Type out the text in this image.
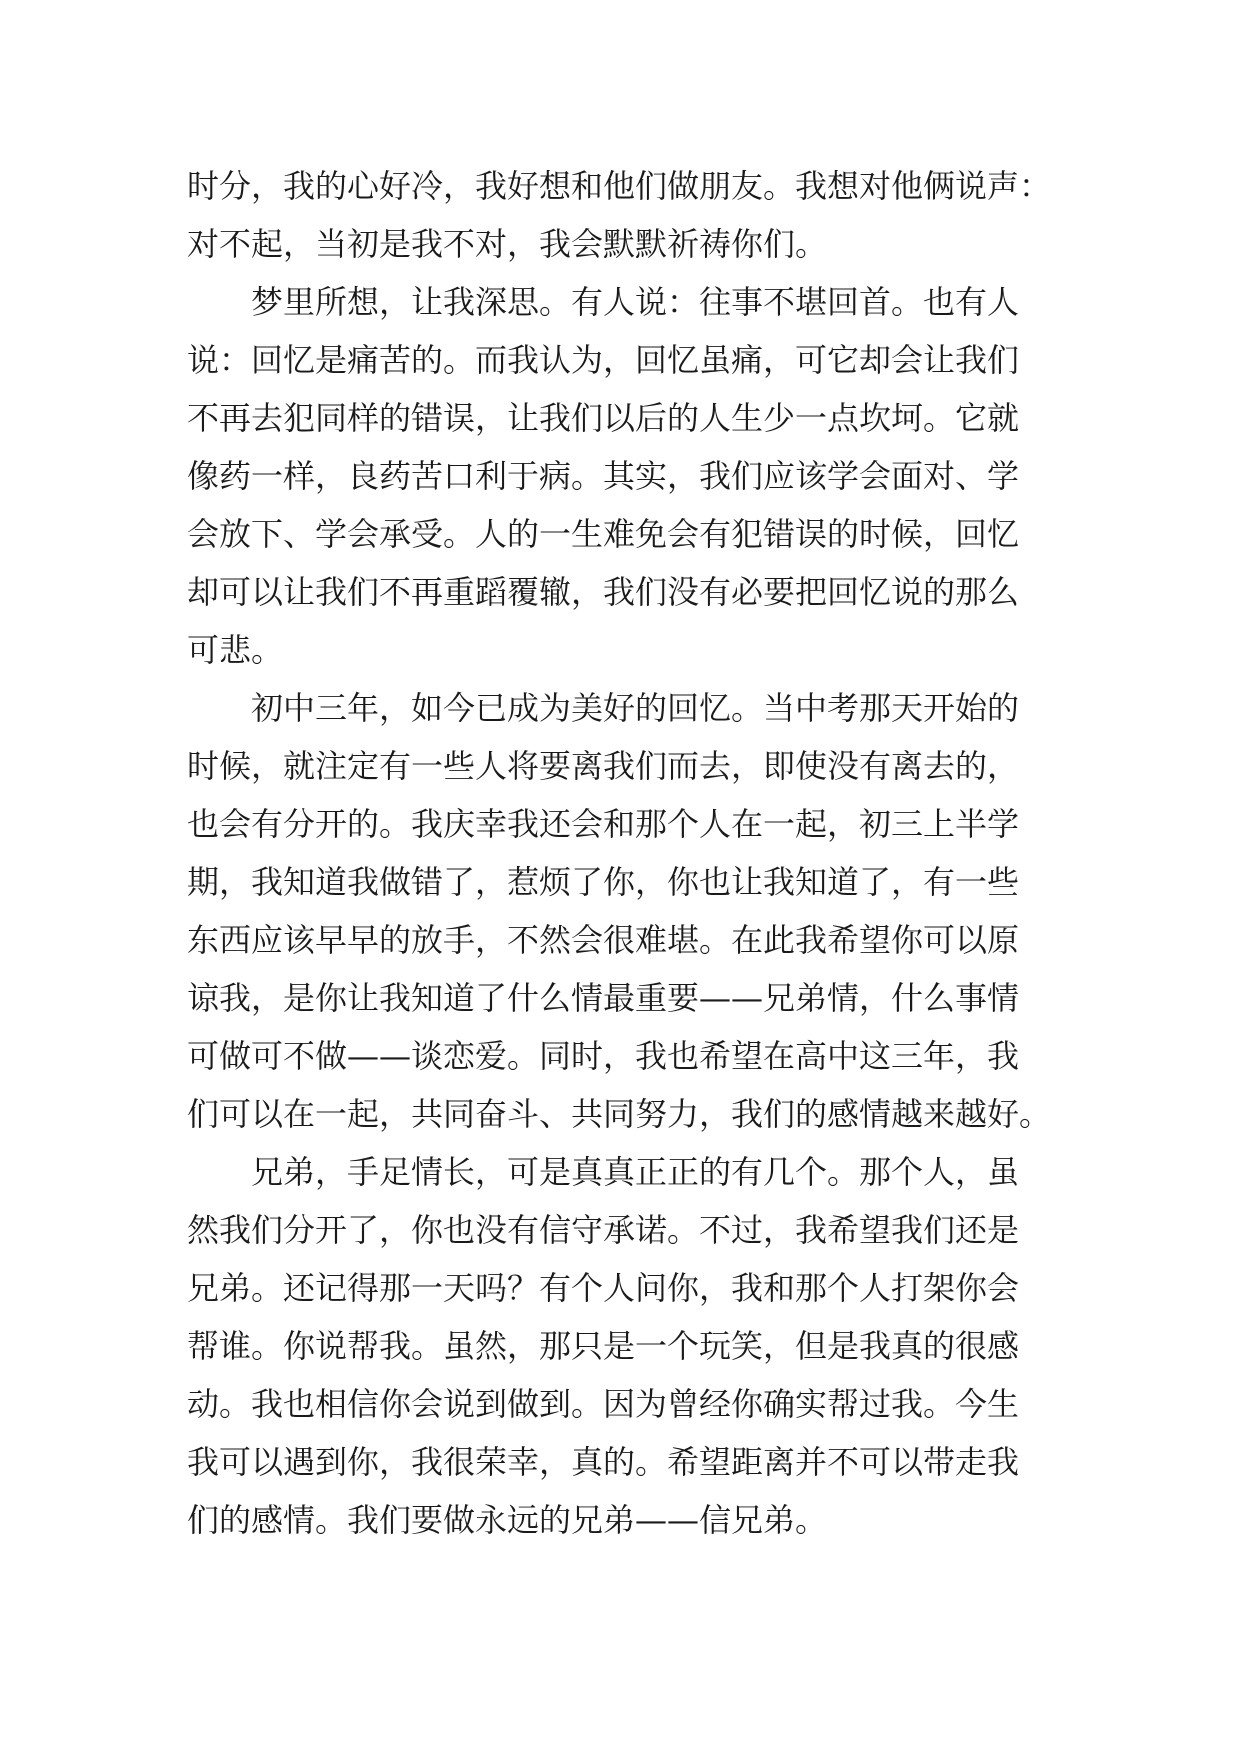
时分，我的心好冷，我好想和他们做朋友。我想对他俩说声：
对不起，当初是我不对，我会默默祈祷你们。
梦里所想，让我深思。有人说：往事不堪回首。也有人
说：回忆是痛苦的。而我认为，回忆虽痛，可它却会让我们
不再去犯同样的错误，让我们以后的人生少一点坎坷。它就
像药一样，良药苦口利于病。其实，我们应该学会面对、学
会放下、学会承受。人的一生难免会有犯错误的时候，回忆
却可以让我们不再重蹈覆辙，我们没有必要把回忆说的那么
可悲。
初中三年，如今已成为美好的回忆。当中考那天开始的
时候，就注定有一些人将要离我们而去，即使没有离去的，
也会有分开的。我庆幸我还会和那个人在一起，初三上半学
期，我知道我做错了，惹烦了你，你也让我知道了，有一些
东西应该早早的放手，不然会很难堪。在此我希望你可以原
谅我，是你让我知道了什么情最重要——兄弟情，什么事情
可做可不做——谈恋爱。同时，我也希望在高中这三年，我
们可以在一起，共同奋斗、共同努力，我们的感情越来越好。
兄弟，手足情长，可是真真正正的有几个。那个人，虽
然我们分开了，你也没有信守承诺。不过，我希望我们还是
兄弟。还记得那一天吗？有个人问你，我和那个人打架你会
帮谁。你说帮我。虽然，那只是一个玩笑，但是我真的很感
动。我也相信你会说到做到。因为曾经你确实帮过我。今生
我可以遇到你，我很荣幸，真的。希望距离并不可以带走我
们的感情。我们要做永远的兄弟——信兄弟。
